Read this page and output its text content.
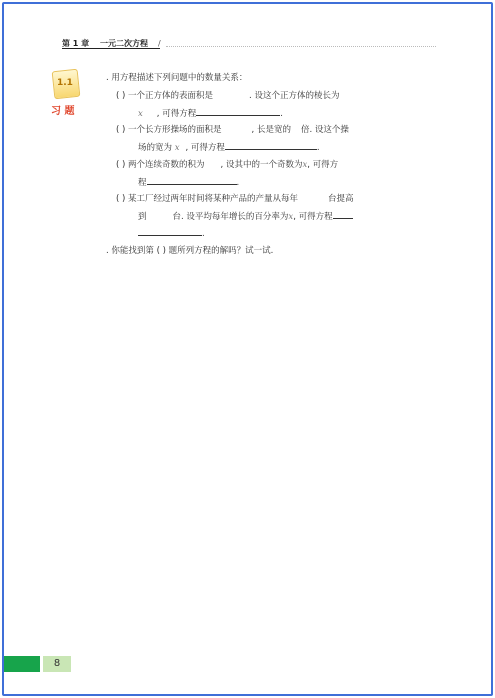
第 1 章 一元二次方程 /
1.1
习 题
. 用方程描述下列问题中的数量关系：
( ) 一个正方体的表面积是	. 设这个正方体的棱长为
x , 可得方程	.
( ) 一个长方形操场的面积是	, 长是宽的 倍. 设这个操
场的宽为 x , 可得方程	.
( ) 两个连续奇数的积为 , 设其中的一个奇数为x, 可得方
程	.
( ) 某工厂经过两年时间将某种产品的产量从每年	台提高
到	台. 设平均每年增长的百分率为x, 可得方程
.
. 你能找到第 ( ) 题所列方程的解吗？试一试.
8
